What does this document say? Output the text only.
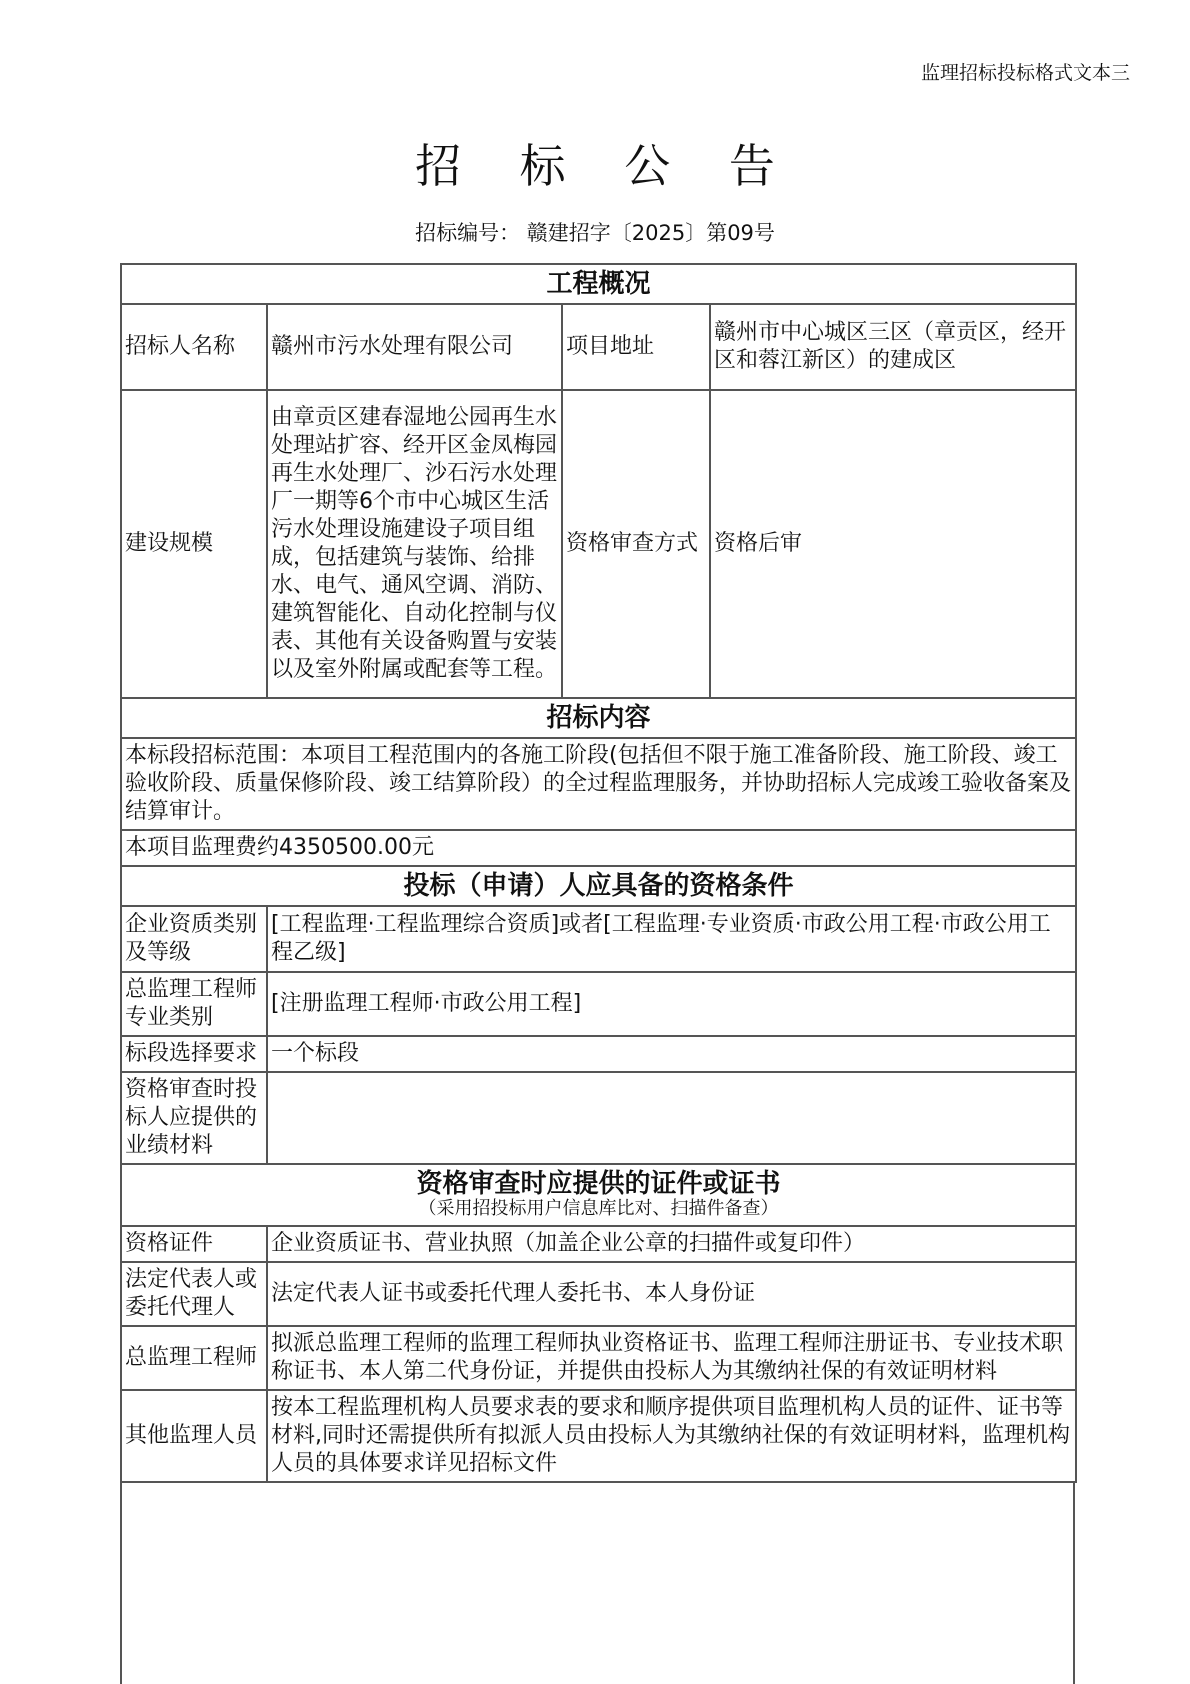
监理招标投标格式文本三
招 标 公 告
招标编号： 赣建招字〔2025〕第09号
工程概况			
招标人名称	赣州市污水处理有限公司	项目地址	赣州市中心城区三区（章贡区，经开区和蓉江新区）的建成区
建设规模	由章贡区建春湿地公园再生水处理站扩容、经开区金凤梅园再生水处理厂、沙石污水处理厂一期等6个市中心城区生活污水处理设施建设子项目组成，包括建筑与装饰、给排水、电气、通风空调、消防、建筑智能化、自动化控制与仪表、其他有关设备购置与安装以及室外附属或配套等工程。	资格审查方式	资格后审
招标内容			
本标段招标范围：本项目工程范围内的各施工阶段(包括但不限于施工准备阶段、施工阶段、竣工验收阶段、质量保修阶段、竣工结算阶段）的全过程监理服务，并协助招标人完成竣工验收备案及结算审计。			
本项目监理费约4350500.00元			
投标（申请）人应具备的资格条件			
企业资质类别及等级	[工程监理·工程监理综合资质]或者[工程监理·专业资质·市政公用工程·市政公用工程乙级]		
总监理工程师专业类别	[注册监理工程师·市政公用工程]		
标段选择要求	一个标段		
资格审查时投标人应提供的业绩材料			

资格审查时应提供的证件或证书
（采用招投标用户信息库比对、扫描件备查）			

资格证件	企业资质证书、营业执照（加盖企业公章的扫描件或复印件）		
法定代表人或委托代理人	法定代表人证书或委托代理人委托书、本人身份证		
总监理工程师	拟派总监理工程师的监理工程师执业资格证书、监理工程师注册证书、专业技术职称证书、本人第二代身份证，并提供由投标人为其缴纳社保的有效证明材料		
其他监理人员	按本工程监理机构人员要求表的要求和顺序提供项目监理机构人员的证件、证书等材料,同时还需提供所有拟派人员由投标人为其缴纳社保的有效证明材料，监理机构人员的具体要求详见招标文件		
